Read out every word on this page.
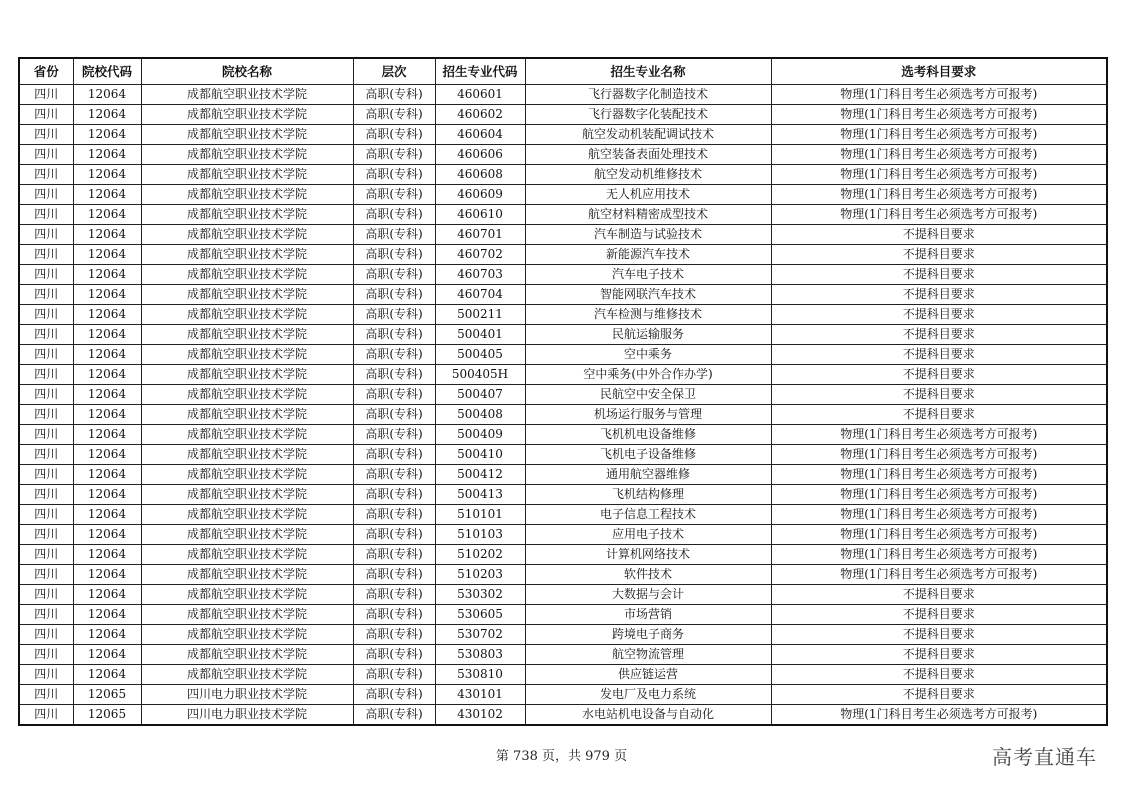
省份	院校代码	院校名称	层次	招生专业代码	招生专业名称	选考科目要求
四川	12064	成都航空职业技术学院	高职(专科)	460601	飞行器数字化制造技术	物理(1门科目考生必须选考方可报考)
四川	12064	成都航空职业技术学院	高职(专科)	460602	飞行器数字化装配技术	物理(1门科目考生必须选考方可报考)
四川	12064	成都航空职业技术学院	高职(专科)	460604	航空发动机装配调试技术	物理(1门科目考生必须选考方可报考)
四川	12064	成都航空职业技术学院	高职(专科)	460606	航空装备表面处理技术	物理(1门科目考生必须选考方可报考)
四川	12064	成都航空职业技术学院	高职(专科)	460608	航空发动机维修技术	物理(1门科目考生必须选考方可报考)
四川	12064	成都航空职业技术学院	高职(专科)	460609	无人机应用技术	物理(1门科目考生必须选考方可报考)
四川	12064	成都航空职业技术学院	高职(专科)	460610	航空材料精密成型技术	物理(1门科目考生必须选考方可报考)
四川	12064	成都航空职业技术学院	高职(专科)	460701	汽车制造与试验技术	不提科目要求
四川	12064	成都航空职业技术学院	高职(专科)	460702	新能源汽车技术	不提科目要求
四川	12064	成都航空职业技术学院	高职(专科)	460703	汽车电子技术	不提科目要求
四川	12064	成都航空职业技术学院	高职(专科)	460704	智能网联汽车技术	不提科目要求
四川	12064	成都航空职业技术学院	高职(专科)	500211	汽车检测与维修技术	不提科目要求
四川	12064	成都航空职业技术学院	高职(专科)	500401	民航运输服务	不提科目要求
四川	12064	成都航空职业技术学院	高职(专科)	500405	空中乘务	不提科目要求
四川	12064	成都航空职业技术学院	高职(专科)	500405H	空中乘务(中外合作办学)	不提科目要求
四川	12064	成都航空职业技术学院	高职(专科)	500407	民航空中安全保卫	不提科目要求
四川	12064	成都航空职业技术学院	高职(专科)	500408	机场运行服务与管理	不提科目要求
四川	12064	成都航空职业技术学院	高职(专科)	500409	飞机机电设备维修	物理(1门科目考生必须选考方可报考)
四川	12064	成都航空职业技术学院	高职(专科)	500410	飞机电子设备维修	物理(1门科目考生必须选考方可报考)
四川	12064	成都航空职业技术学院	高职(专科)	500412	通用航空器维修	物理(1门科目考生必须选考方可报考)
四川	12064	成都航空职业技术学院	高职(专科)	500413	飞机结构修理	物理(1门科目考生必须选考方可报考)
四川	12064	成都航空职业技术学院	高职(专科)	510101	电子信息工程技术	物理(1门科目考生必须选考方可报考)
四川	12064	成都航空职业技术学院	高职(专科)	510103	应用电子技术	物理(1门科目考生必须选考方可报考)
四川	12064	成都航空职业技术学院	高职(专科)	510202	计算机网络技术	物理(1门科目考生必须选考方可报考)
四川	12064	成都航空职业技术学院	高职(专科)	510203	软件技术	物理(1门科目考生必须选考方可报考)
四川	12064	成都航空职业技术学院	高职(专科)	530302	大数据与会计	不提科目要求
四川	12064	成都航空职业技术学院	高职(专科)	530605	市场营销	不提科目要求
四川	12064	成都航空职业技术学院	高职(专科)	530702	跨境电子商务	不提科目要求
四川	12064	成都航空职业技术学院	高职(专科)	530803	航空物流管理	不提科目要求
四川	12064	成都航空职业技术学院	高职(专科)	530810	供应链运营	不提科目要求
四川	12065	四川电力职业技术学院	高职(专科)	430101	发电厂及电力系统	不提科目要求
四川	12065	四川电力职业技术学院	高职(专科)	430102	水电站机电设备与自动化	物理(1门科目考生必须选考方可报考)
第 738 页，共 979 页	高考直通车
